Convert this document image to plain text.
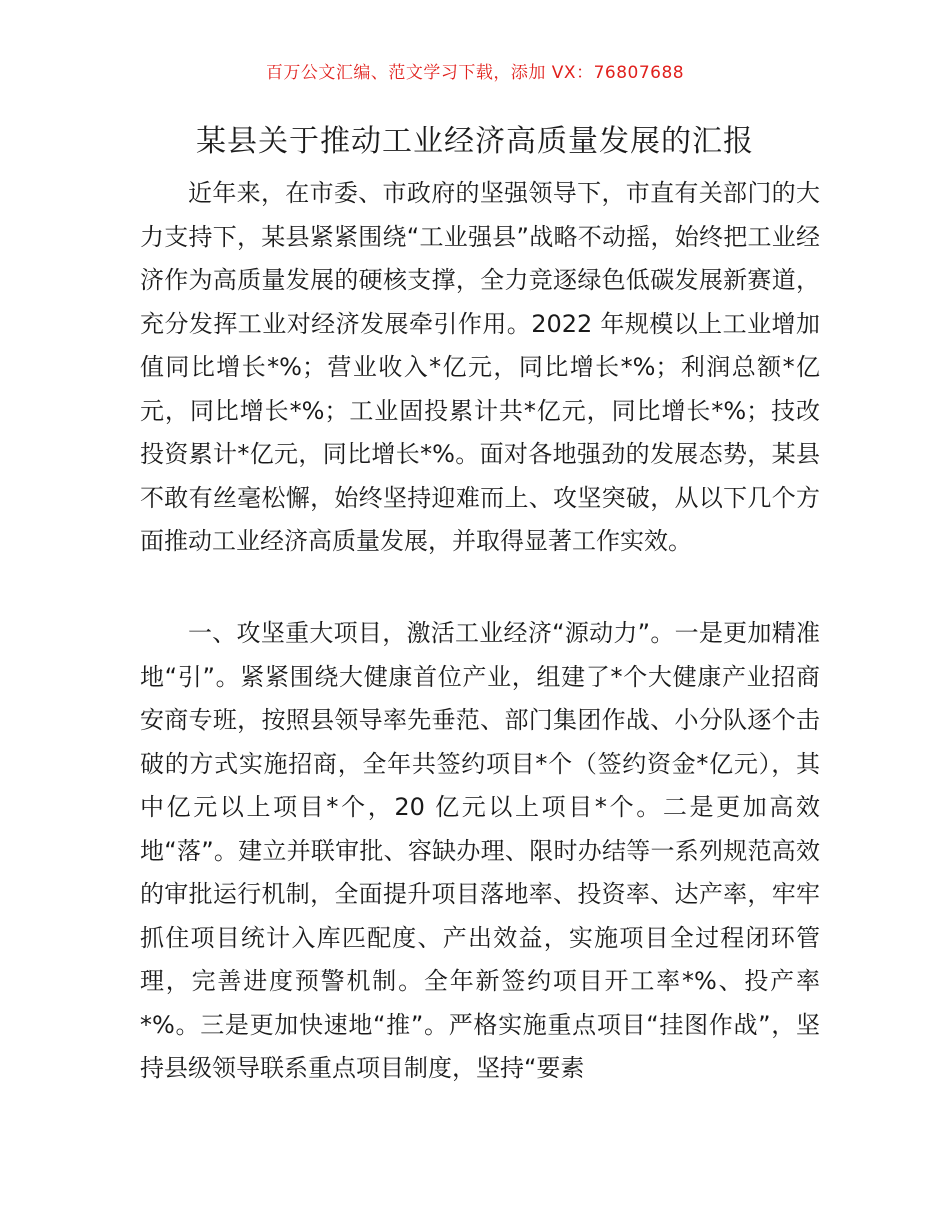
百万公文汇编、范文学习下载，添加 VX：76807688
某县关于推动工业经济高质量发展的汇报

近年来，在市委、市政府的坚强领导下，市直有关部门的大力支持下，某县紧紧围绕“工业强县”战略不动摇，始终把工业经济作为高质量发展的硬核支撑，全力竞逐绿色低碳发展新赛道，充分发挥工业对经济发展牵引作用。2022 年规模以上工业增加值同比增长*%；营业收入*亿元，同比增长*%；利润总额*亿元，同比增长*%；工业固投累计共*亿元，同比增长*%；技改投资累计*亿元，同比增长*%。面对各地强劲的发展态势，某县不敢有丝毫松懈，始终坚持迎难而上、攻坚突破，从以下几个方面推动工业经济高质量发展，并取得显著工作实效。

一、攻坚重大项目，激活工业经济“源动力”。一是更加精准地“引”。紧紧围绕大健康首位产业，组建了*个大健康产业招商安商专班，按照县领导率先垂范、部门集团作战、小分队逐个击破的方式实施招商，全年共签约项目*个（签约资金*亿元），其中亿元以上项目*个，20 亿元以上项目*个。二是更加高效地“落”。建立并联审批、容缺办理、限时办结等一系列规范高效的审批运行机制，全面提升项目落地率、投资率、达产率，牢牢抓住项目统计入库匹配度、产出效益，实施项目全过程闭环管理，完善进度预警机制。全年新签约项目开工率*%、投产率*%。三是更加快速地“推”。严格实施重点项目“挂图作战”，坚持县级领导联系重点项目制度，坚持“要素
